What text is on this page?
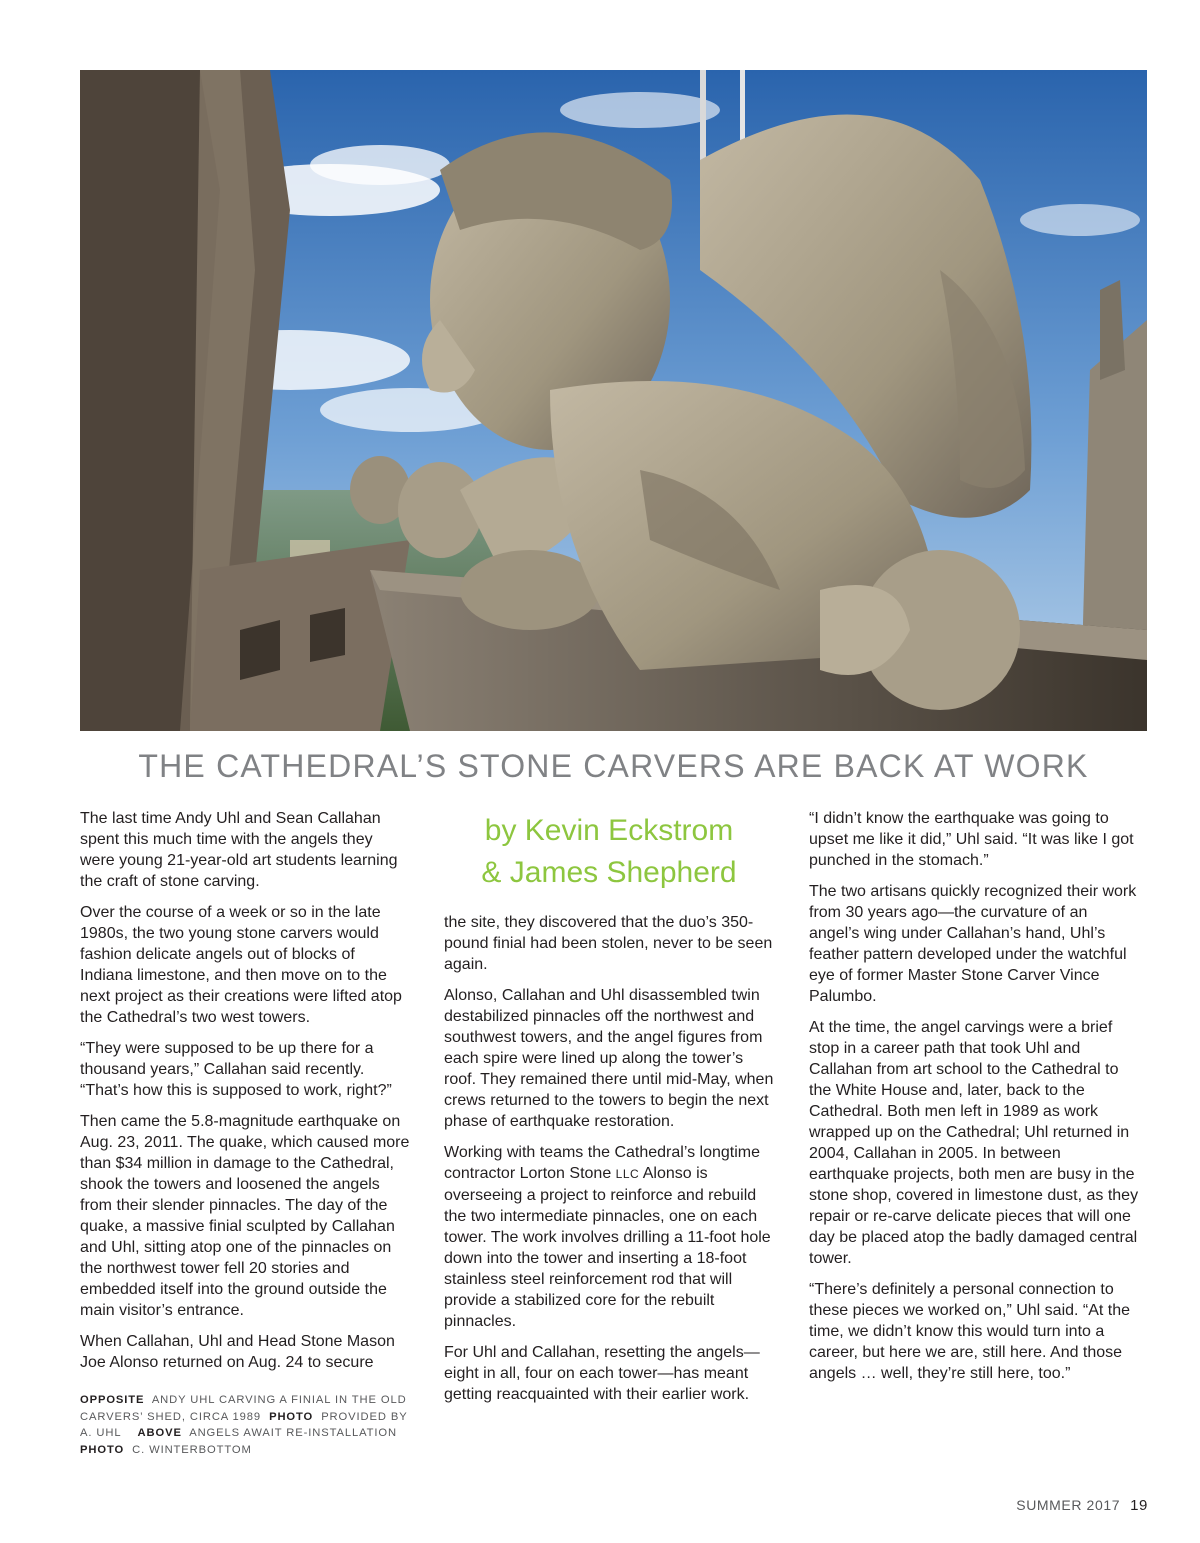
THE CATHEDRAL’S STONE CARVERS ARE BACK AT WORK

The last time Andy Uhl and Sean Callahan spent this much time with the angels they were young 21-year-old art students learning the craft of stone carving.

Over the course of a week or so in the late 1980s, the two young stone carvers would fashion delicate angels out of blocks of Indiana limestone, and then move on to the next project as their creations were lifted atop the Cathedral’s two west towers.

“They were supposed to be up there for a thousand years,” Callahan said recently. “That’s how this is supposed to work, right?”

Then came the 5.8-magnitude earthquake on Aug. 23, 2011. The quake, which caused more than $34 million in damage to the Cathedral, shook the towers and loosened the angels from their slender pinnacles. The day of the quake, a massive finial sculpted by Callahan and Uhl, sitting atop one of the pinnacles on the northwest tower fell 20 stories and embedded itself into the ground outside the main visitor’s entrance.

When Callahan, Uhl and Head Stone Mason Joe Alonso returned on Aug. 24 to secure

by Kevin Eckstrom
& James Shepherd

the site, they discovered that the duo’s 350-pound finial had been stolen, never to be seen again.

Alonso, Callahan and Uhl disassembled twin destabilized pinnacles off the northwest and southwest towers, and the angel figures from each spire were lined up along the tower’s roof. They remained there until mid-May, when crews returned to the towers to begin the next phase of earthquake restoration.

Working with teams the Cathedral’s longtime contractor Lorton Stone LLC Alonso is overseeing a project to reinforce and rebuild the two intermediate pinnacles, one on each tower. The work involves drilling a 11-foot hole down into the tower and inserting a 18-foot stainless steel reinforcement rod that will provide a stabilized core for the rebuilt pinnacles.

For Uhl and Callahan, resetting the angels—eight in all, four on each tower—has meant getting reacquainted with their earlier work.

“I didn’t know the earthquake was going to upset me like it did,” Uhl said. “It was like I got punched in the stomach.”

The two artisans quickly recognized their work from 30 years ago—the curvature of an angel’s wing under Callahan’s hand, Uhl’s feather pattern developed under the watchful eye of former Master Stone Carver Vince Palumbo.

At the time, the angel carvings were a brief stop in a career path that took Uhl and Callahan from art school to the Cathedral to the White House and, later, back to the Cathedral. Both men left in 1989 as work wrapped up on the Cathedral; Uhl returned in 2004, Callahan in 2005. In between earthquake projects, both men are busy in the stone shop, covered in limestone dust, as they repair or re-carve delicate pieces that will one day be placed atop the badly damaged central tower.

“There’s definitely a personal connection to these pieces we worked on,” Uhl said. “At the time, we didn’t know this would turn into a career, but here we are, still here. And those angels … well, they’re still here, too.”

OPPOSITE ANDY UHL CARVING A FINIAL IN THE OLD CARVERS’ SHED, CIRCA 1989 PHOTO PROVIDED BY A. UHL ABOVE ANGELS AWAIT RE-INSTALLATION
PHOTO C. WINTERBOTTOM
SUMMER 2017 19
